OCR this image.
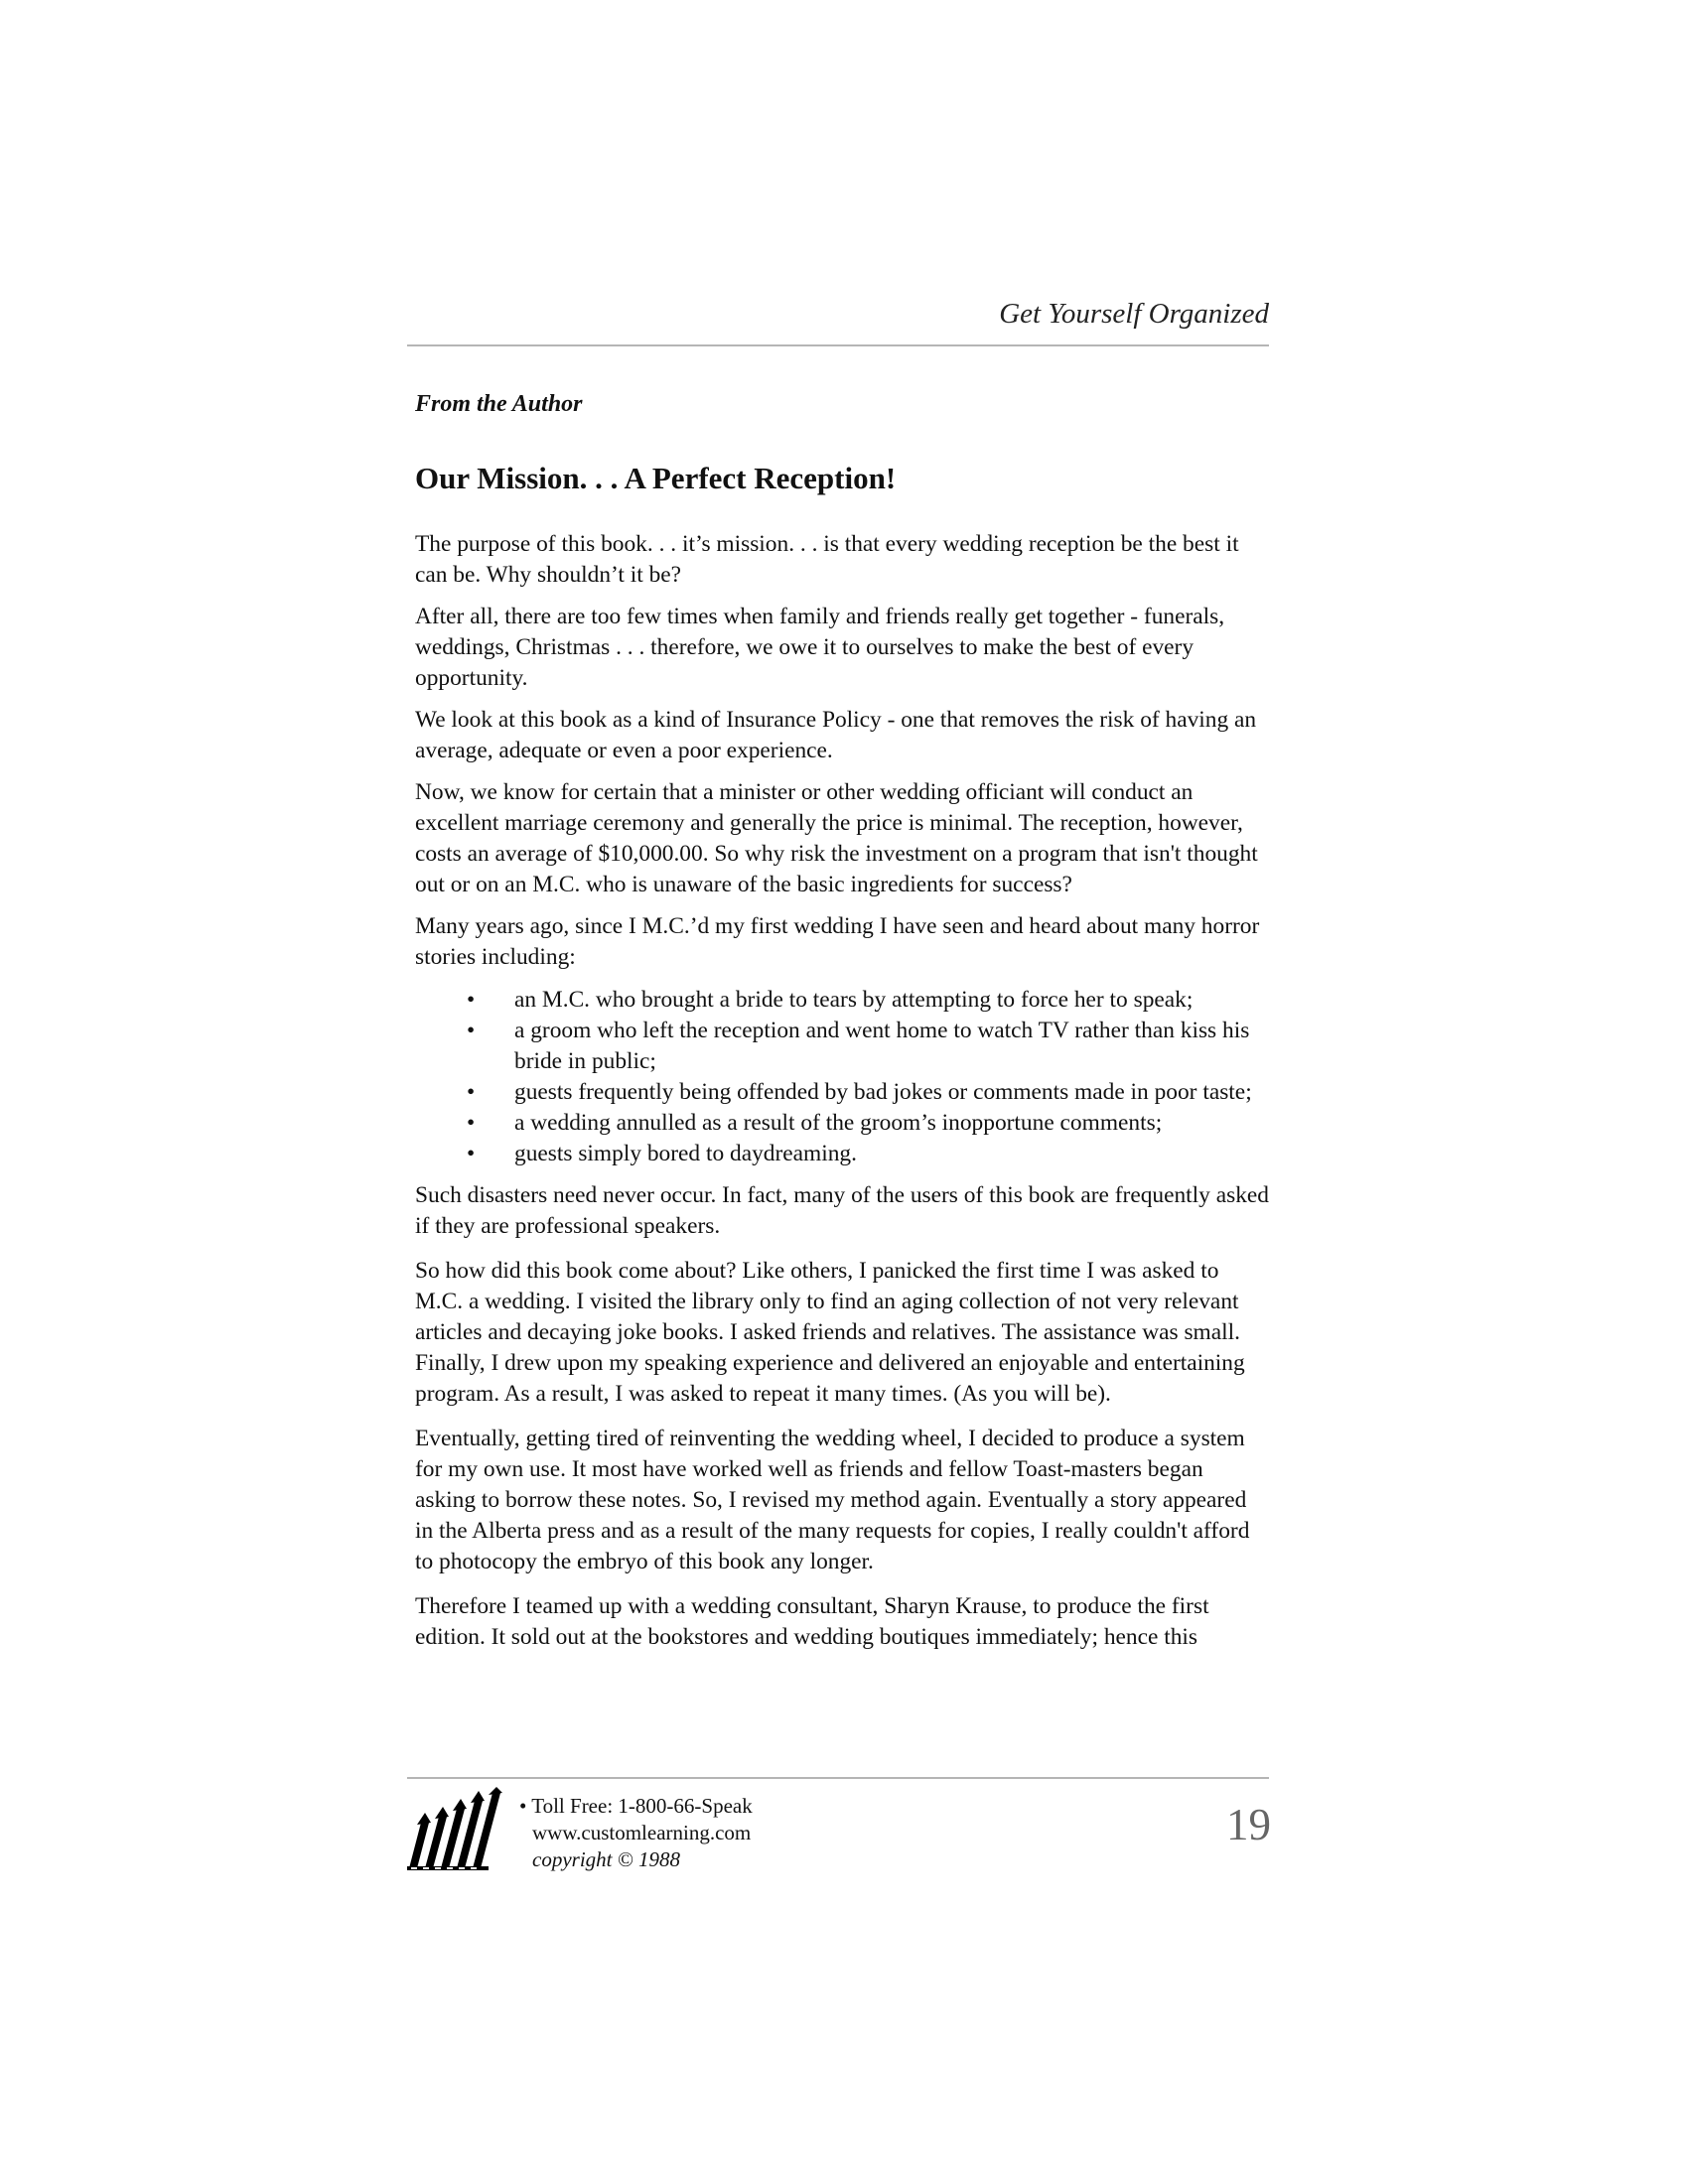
Get Yourself Organized

From the Author

Our Mission. . . A Perfect Reception!

The purpose of this book. . . it’s mission. . . is that every wedding reception be the best it can be. Why shouldn’t it be?

After all, there are too few times when family and friends really get together - funerals, weddings, Christmas . . . therefore, we owe it to ourselves to make the best of every opportunity.

We look at this book as a kind of Insurance Policy - one that removes the risk of having an average, adequate or even a poor experience.

Now, we know for certain that a minister or other wedding officiant will conduct an excellent marriage ceremony and generally the price is minimal. The reception, however, costs an average of $10,000.00. So why risk the investment on a program that isn't thought out or on an M.C. who is unaware of the basic ingredients for success?

Many years ago, since I M.C.’d my first wedding I have seen and heard about many horror stories including:

• an M.C. who brought a bride to tears by attempting to force her to speak;
• a groom who left the reception and went home to watch TV rather than kiss his bride in public;
• guests frequently being offended by bad jokes or comments made in poor taste;
• a wedding annulled as a result of the groom’s inopportune comments;
• guests simply bored to daydreaming.

Such disasters need never occur. In fact, many of the users of this book are frequently asked if they are professional speakers.

So how did this book come about? Like others, I panicked the first time I was asked to M.C. a wedding. I visited the library only to find an aging collection of not very relevant articles and decaying joke books. I asked friends and relatives. The assistance was small. Finally, I drew upon my speaking experience and delivered an enjoyable and entertaining program. As a result, I was asked to repeat it many times. (As you will be).

Eventually, getting tired of reinventing the wedding wheel, I decided to produce a system for my own use. It most have worked well as friends and fellow Toast-masters began asking to borrow these notes. So, I revised my method again. Eventually a story appeared in the Alberta press and as a result of the many requests for copies, I really couldn't afford to photocopy the embryo of this book any longer.

Therefore I teamed up with a wedding consultant, Sharyn Krause, to produce the first edition. It sold out at the bookstores and wedding boutiques immediately; hence this

• Toll Free: 1-800-66-Speak
www.customlearning.com
copyright © 1988
19
